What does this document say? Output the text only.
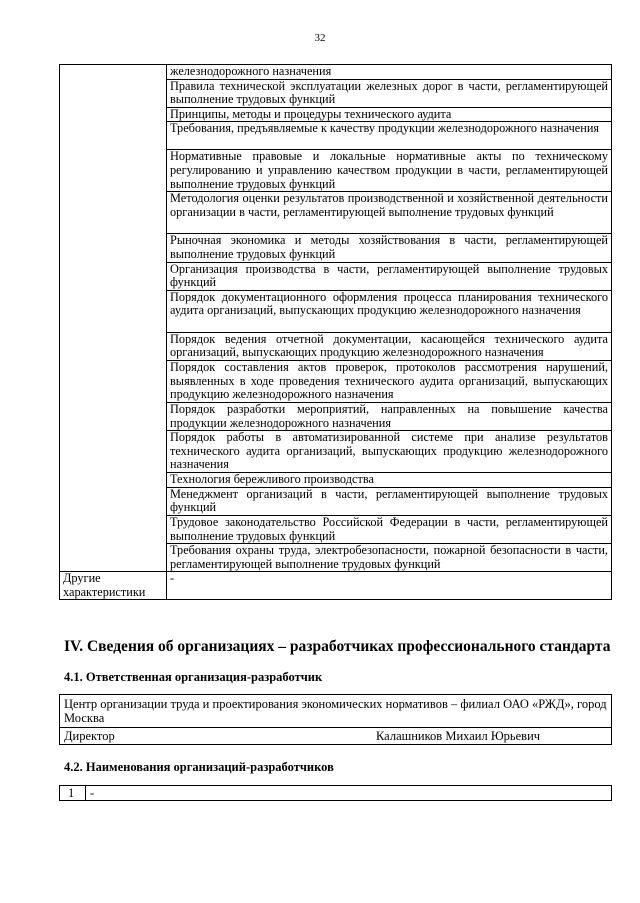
32
	железнодорожного назначения
	Правила технической эксплуатации железных дорог в части, регламентирующей выполнение трудовых функций
	Принципы, методы и процедуры технического аудита
	Требования, предъявляемые к качеству продукции железнодорожного назначения
	Нормативные правовые и локальные нормативные акты по техническому регулированию и управлению качеством продукции в части, регламентирующей выполнение трудовых функций
	Методология оценки результатов производственной и хозяйственной деятельности организации в части, регламентирующей выполнение трудовых функций
	Рыночная экономика и методы хозяйствования в части, регламентирующей выполнение трудовых функций
	Организация производства в части, регламентирующей выполнение трудовых функций
	Порядок документационного оформления процесса планирования технического аудита организаций, выпускающих продукцию железнодорожного назначения
	Порядок ведения отчетной документации, касающейся технического аудита организаций, выпускающих продукцию железнодорожного назначения
	Порядок составления актов проверок, протоколов рассмотрения нарушений, выявленных в ходе проведения технического аудита организаций, выпускающих продукцию железнодорожного назначения
	Порядок разработки мероприятий, направленных на повышение качества продукции железнодорожного назначения
	Порядок работы в автоматизированной системе при анализе результатов технического аудита организаций, выпускающих продукцию железнодорожного назначения
	Технология бережливого производства
	Менеджмент организаций в части, регламентирующей выполнение трудовых функций
	Трудовое законодательство Российской Федерации в части, регламентирующей выполнение трудовых функций
	Требования охраны труда, электробезопасности, пожарной безопасности в части, регламентирующей выполнение трудовых функций
Другие характеристики	-
IV. Сведения об организациях – разработчиках профессионального стандарта
4.1. Ответственная организация-разработчик
Центр организации труда и проектирования экономических нормативов – филиал ОАО «РЖД», город Москва
Директор	Калашников Михаил Юрьевич
4.2. Наименования организаций-разработчиков
1	-
